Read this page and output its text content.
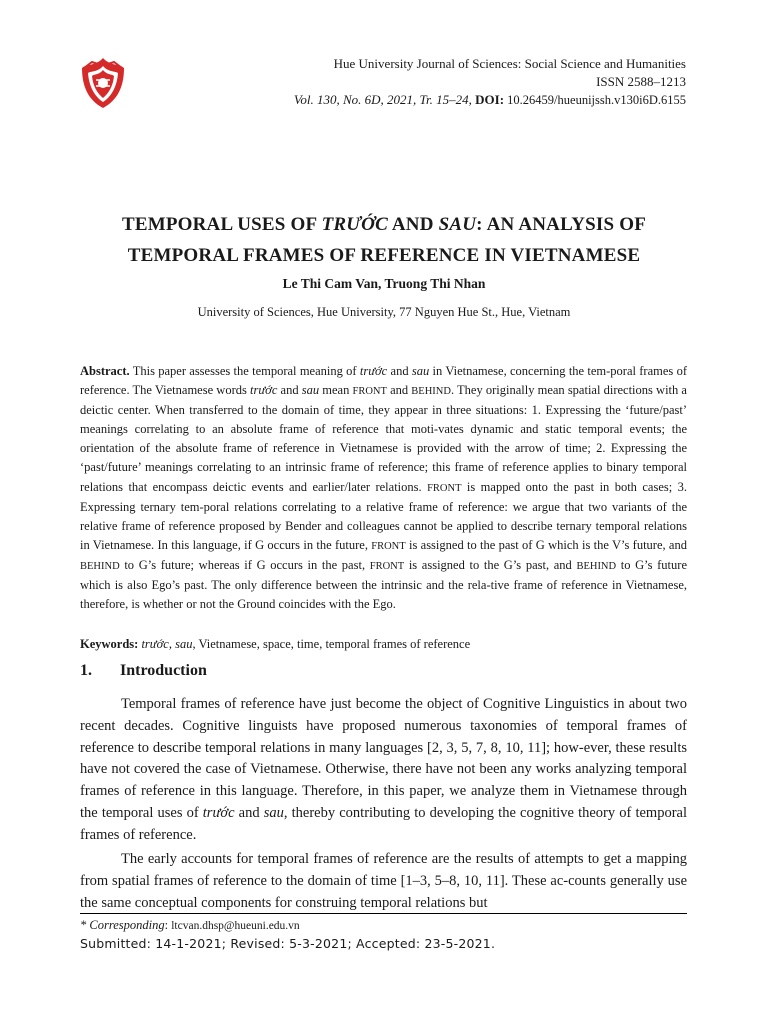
Hue University Journal of Sciences: Social Science and Humanities
ISSN 2588–1213
Vol. 130, No. 6D, 2021, Tr. 15–24, DOI: 10.26459/hueunijssh.v130i6D.6155
TEMPORAL USES OF TRƯỚC AND SAU: AN ANALYSIS OF
TEMPORAL FRAMES OF REFERENCE IN VIETNAMESE
Le Thi Cam Van, Truong Thi Nhan
University of Sciences, Hue University, 77 Nguyen Hue St., Hue, Vietnam

Abstract. This paper assesses the temporal meaning of trước and sau in Vietnamese, concerning the tem-poral frames of reference. The Vietnamese words trước and sau mean FRONT and BEHIND. They originally mean spatial directions with a deictic center. When transferred to the domain of time, they appear in three situations: 1. Expressing the ‘future/past’ meanings correlating to an absolute frame of reference that moti-vates dynamic and static temporal events; the orientation of the absolute frame of reference in Vietnamese is provided with the arrow of time; 2. Expressing the ‘past/future’ meanings correlating to an intrinsic frame of reference; this frame of reference applies to binary temporal relations that encompass deictic events and earlier/later relations. FRONT is mapped onto the past in both cases; 3. Expressing ternary tem-poral relations correlating to a relative frame of reference: we argue that two variants of the relative frame of reference proposed by Bender and colleagues cannot be applied to describe ternary temporal relations in Vietnamese. In this language, if G occurs in the future, FRONT is assigned to the past of G which is the V’s future, and BEHIND to G’s future; whereas if G occurs in the past, FRONT is assigned to the G’s past, and BEHIND to G’s future which is also Ego’s past. The only difference between the intrinsic and the rela-tive frame of reference in Vietnamese, therefore, is whether or not the Ground coincides with the Ego.

Keywords: trước, sau, Vietnamese, space, time, temporal frames of reference

1. Introduction

Temporal frames of reference have just become the object of Cognitive Linguistics in about two recent decades. Cognitive linguists have proposed numerous taxonomies of temporal frames of reference to describe temporal relations in many languages [2, 3, 5, 7, 8, 10, 11]; how-ever, these results have not covered the case of Vietnamese. Otherwise, there have not been any works analyzing temporal frames of reference in this language. Therefore, in this paper, we analyze them in Vietnamese through the temporal uses of trước and sau, thereby contributing to developing the cognitive theory of temporal frames of reference.

The early accounts for temporal frames of reference are the results of attempts to get a mapping from spatial frames of reference to the domain of time [1–3, 5–8, 10, 11]. These ac-counts generally use the same conceptual components for construing temporal relations but

* Corresponding: ltcvan.dhsp@hueuni.edu.vn
Submitted: 14-1-2021; Revised: 5-3-2021; Accepted: 23-5-2021.
